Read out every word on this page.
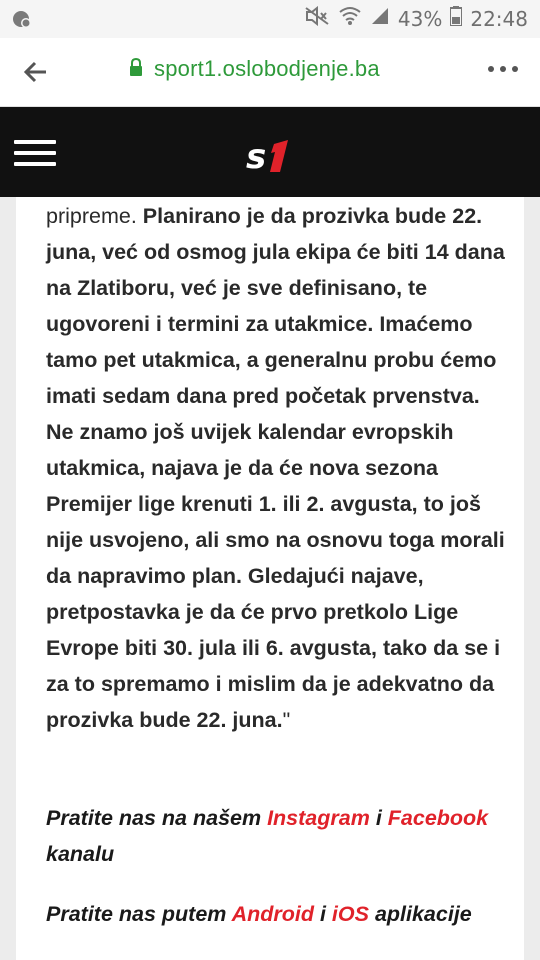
43% 22:48
sport1.oslobodjenje.ba
s
pripreme. Planirano je da prozivka bude 22. juna, već od osmog jula ekipa će biti 14 dana na Zlatiboru, već je sve definisano, te ugovoreni i termini za utakmice. Imaćemo tamo pet utakmica, a generalnu probu ćemo imati sedam dana pred početak prvenstva. Ne znamo još uvijek kalendar evropskih utakmica, najava je da će nova sezona Premijer lige krenuti 1. ili 2. avgusta, to još nije usvojeno, ali smo na osnovu toga morali da napravimo plan. Gledajući najave, pretpostavka je da će prvo pretkolo Lige Evrope biti 30. jula ili 6. avgusta, tako da se i za to spremamo i mislim da je adekvatno da prozivka bude 22. juna."
Pratite nas na našem Instagram i Facebook kanalu
Pratite nas putem Android i iOS aplikacije
